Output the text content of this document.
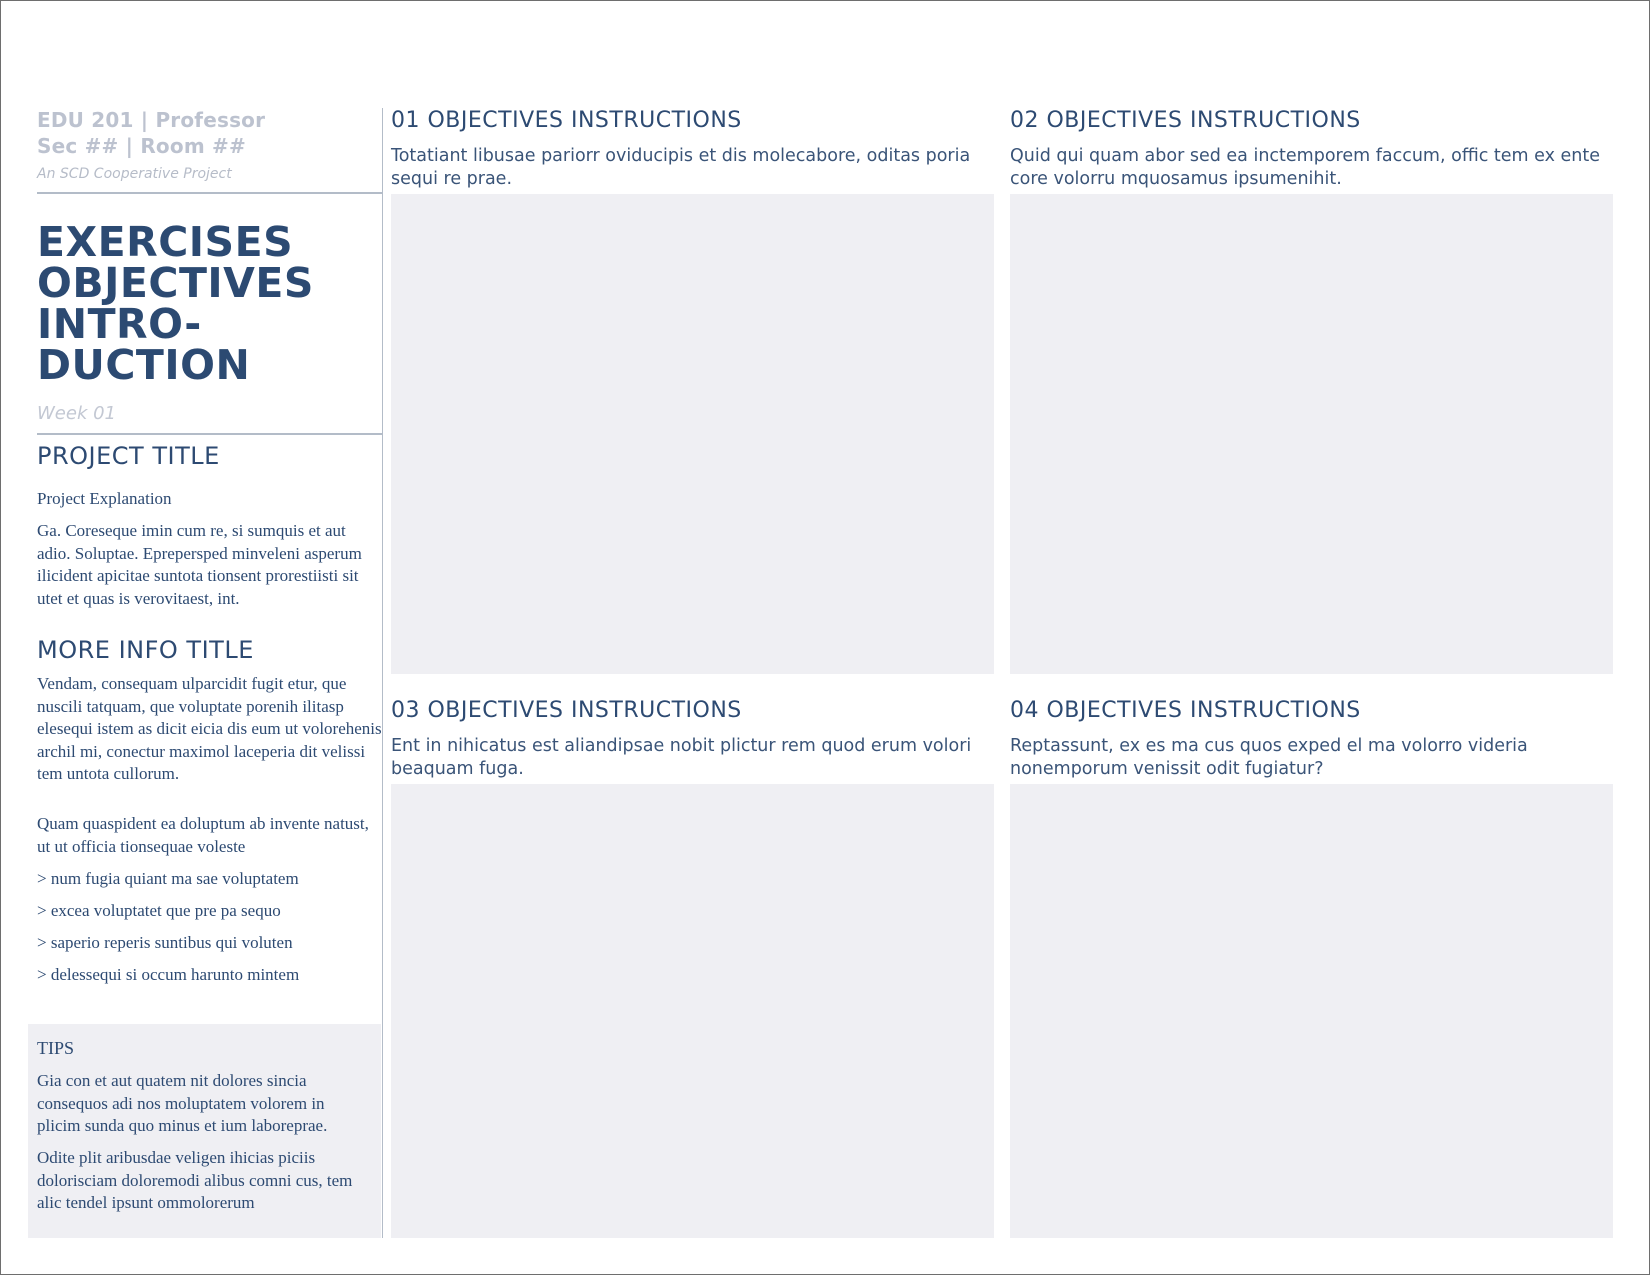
EDU 201 | Professor
Sec ## | Room ##
An SCD Cooperative Project
EXERCISES
OBJECTIVES
INTRO-
DUCTION
Week 01
PROJECT TITLE
Project Explanation
Ga. Coreseque imin cum re, si sumquis et aut adio. Soluptae. Eprepersped minveleni asperum ilicident apicitae suntota tionsent prorestiisti sit utet et quas is verovitaest, int.
MORE INFO TITLE
Vendam, consequam ulparcidit fugit etur, que nuscili tatquam, que voluptate porenih ilitasp elesequi istem as dicit eicia dis eum ut volorehenis archil mi, conectur maximol laceperia dit velissi tem untota cullorum.
Quam quaspident ea doluptum ab invente natust, ut ut officia tionsequae voleste
> num fugia quiant ma sae voluptatem
> excea voluptatet que pre pa sequo
> saperio reperis suntibus qui voluten
> delessequi si occum harunto mintem
TIPS
Gia con et aut quatem nit dolores sincia consequos adi nos moluptatem volorem in plicim sunda quo minus et ium laboreprae.
Odite plit aribusdae veligen ihicias piciis dolorisciam doloremodi alibus comni cus, tem alic tendel ipsunt ommolorerum
01 OBJECTIVES INSTRUCTIONS
Totatiant libusae pariorr oviducipis et dis molecabore, oditas poria sequi re prae.
02 OBJECTIVES INSTRUCTIONS
Quid qui quam abor sed ea inctemporem faccum, offic tem ex ente core volorru mquosamus ipsumenihit.
03 OBJECTIVES INSTRUCTIONS
Ent in nihicatus est aliandipsae nobit plictur rem quod erum volori beaquam fuga.
04 OBJECTIVES INSTRUCTIONS
Reptassunt, ex es ma cus quos exped el ma volorro videria nonemporum venissit odit fugiatur?
